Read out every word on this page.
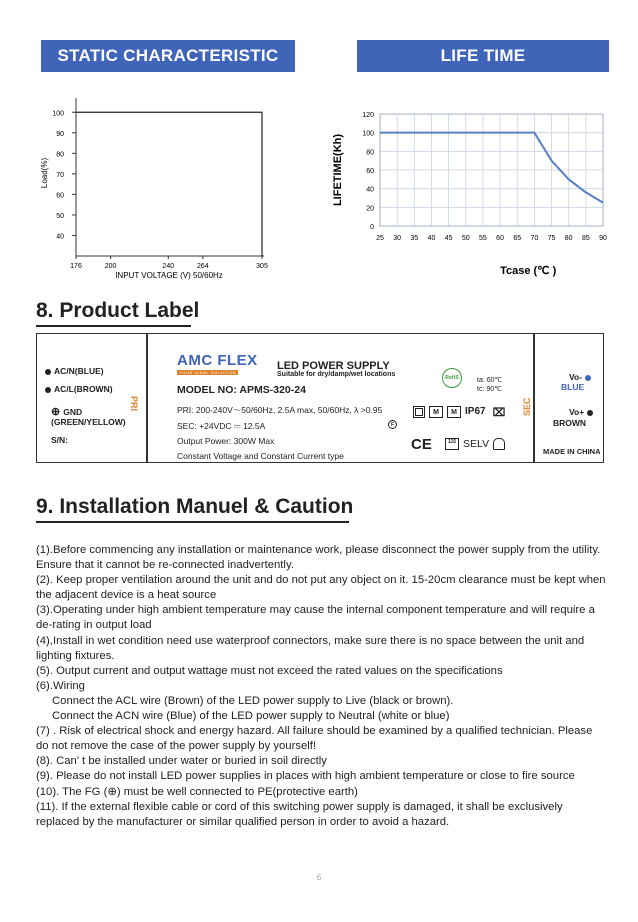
STATIC CHARACTERISTIC	LIFE TIME
100
90
80
70
60
50
40
176	200	240	264	305
Load(%)
INPUT VOLTAGE (V) 50/60Hz
25 30 35 40 45 50 55 60 65 70 75 80 85 90
120
100
80
60
40
20
0
LIFETIME(Kh)
Tcase (℃ )
8. Product Label
AC/N(BLUE)
AC/L(BROWN)
⊕ GND
(GREEN/YELLOW)
S/N:
PRI
AMC FLEX
YOUR IDEAL SOLUTION
LED POWER SUPPLY
Suitable for dry/damp/wet locations
MODEL NO: APMS-320-24
PRI: 200-240V〜50/60Hz, 2.5A max, 50/60Hz, λ >0.95
SEC: +24VDC ⎓ 12.5A
Output Power: 300W Max
Constant Voltage and Constant Current type
RoHS	ta: 60℃
tc: 90℃
M	M IP67 ⌧
CE	115 SELV
F
SEC
Vo-
BLUE
Vo+
BROWN
MADE IN CHINA
9. Installation Manuel & Caution

(1).Before commencing any installation or maintenance work, please disconnect the power supply from the utility. Ensure that it cannot be re-connected inadvertently.

(2). Keep proper ventilation around the unit and do not put any object on it. 15-20cm clearance must be kept when the adjacent device is a heat source

(3).Operating under high ambient temperature may cause the internal component temperature and will require a de-rating in output load

(4),Install in wet condition need use waterproof connectors, make sure there is no space between the unit and lighting fixtures.

(5). Output current and output wattage must not exceed the rated values on the specifications

(6).Wiring

Connect the ACL wire (Brown) of the LED power supply to Live (black or brown).

Connect the ACN wire (Blue) of the LED power supply to Neutral (white or blue)

(7) . Risk of electrical shock and energy hazard. All failure should be examined by a qualified technician. Please do not remove the case of the power supply by yourself!

(8). Can’ t be installed under water or buried in soil directly

(9). Please do not install LED power supplies in places with high ambient temperature or close to fire source

(10). The FG (⊕) must be well connected to PE(protective earth)

(11). If the external flexible cable or cord of this switching power supply is damaged, it shall be exclusively replaced by the manufacturer or similar qualified person in order to avoid a hazard.

6
